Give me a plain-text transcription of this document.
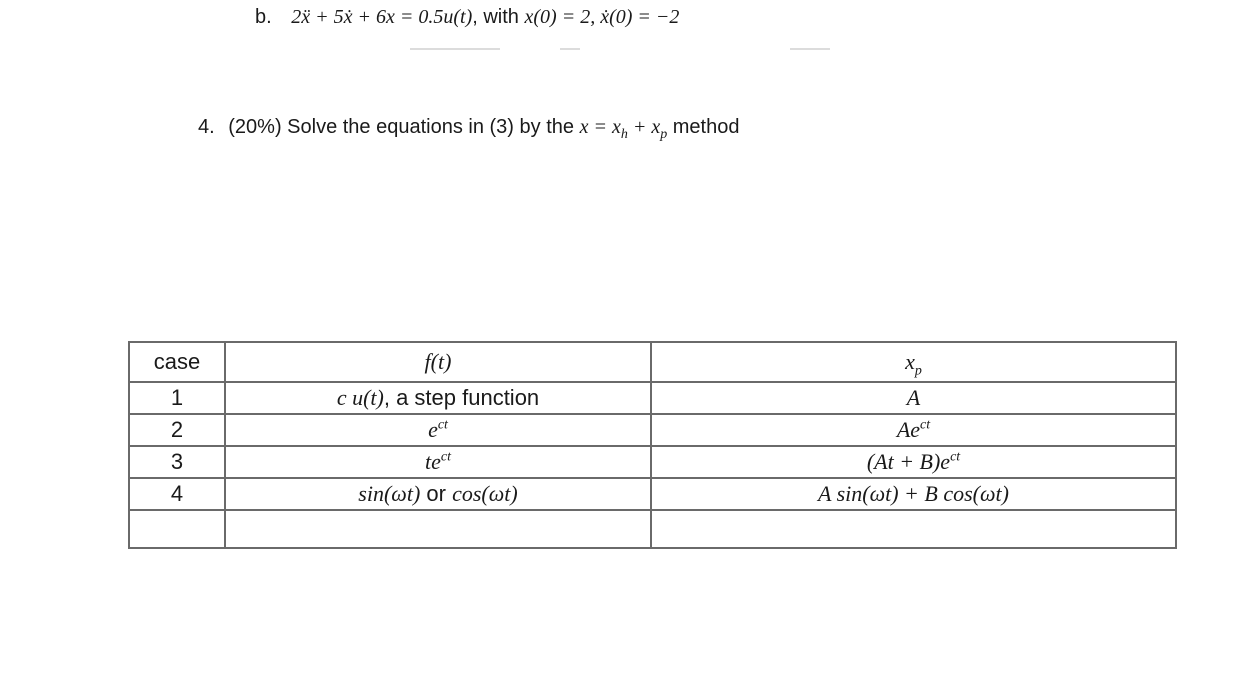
b. 2ẍ + 5ẋ + 6x = 0.5u(t), with x(0) = 2, ẋ(0) = −2
4. (20%) Solve the equations in (3) by the $x = x_h + x_p$ method
case	f(t)	$x_p$
1	c u(t), a step function	A
2	$e^{ct}$	$Ae^{ct}$
3	$te^{ct}$	$(At + B)e^{ct}$
4	sin(ωt) or cos(ωt)	A sin(ωt) + B cos(ωt)
